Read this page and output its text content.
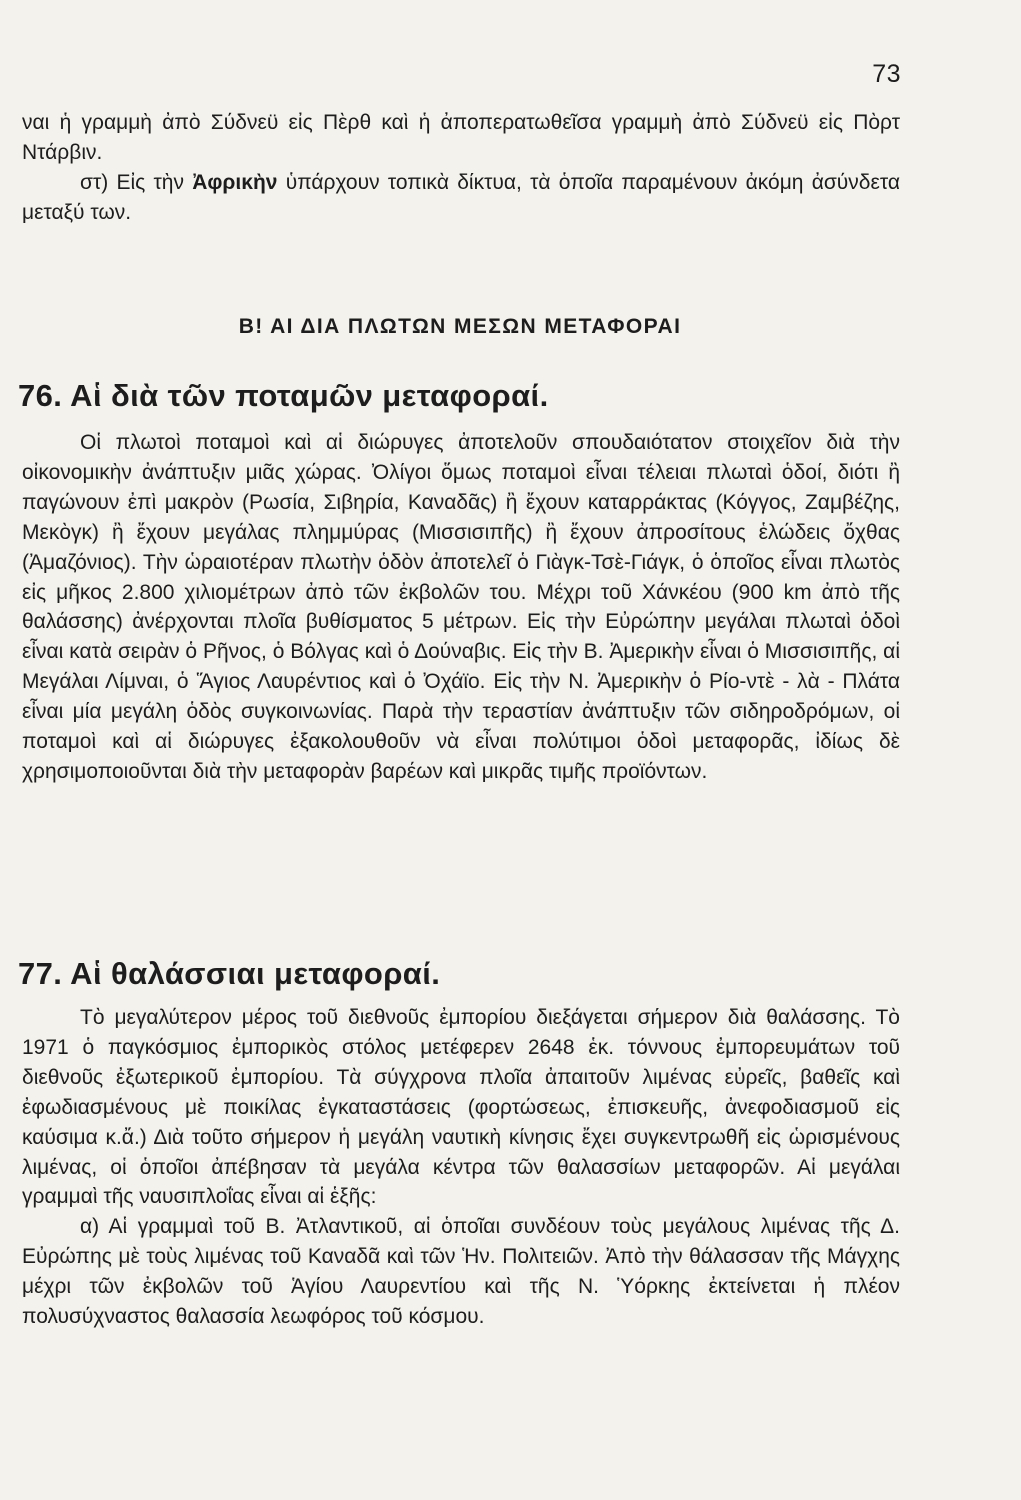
73

ναι ἡ γραμμὴ ἀπὸ Σύδνεϋ εἰς Πὲρθ καὶ ἡ ἀποπερατωθεῖσα γραμμὴ ἀπὸ Σύδνεϋ εἰς Πὸρτ Ντάρβιν.

στ) Εἰς τὴν Ἀφρικὴν ὑπάρχουν τοπικὰ δίκτυα, τὰ ὁποῖα παραμένουν ἀκόμη ἀσύνδετα μεταξύ των.

Β! ΑΙ ΔΙΑ ΠΛΩΤΩΝ ΜΕΣΩΝ ΜΕΤΑΦΟΡΑΙ
76. Αἱ διὰ τῶν ποταμῶν μεταφοραί.

Οἱ πλωτοὶ ποταμοὶ καὶ αἱ διώρυγες ἀποτελοῦν σπουδαιότατον στοιχεῖον διὰ τὴν οἰκονομικὴν ἀνάπτυξιν μιᾶς χώρας. Ὀλίγοι ὅμως ποταμοὶ εἶναι τέλειαι πλωταὶ ὁδοί, διότι ἢ παγώνουν ἐπὶ μακρὸν (Ρωσία, Σιβηρία, Καναδᾶς) ἢ ἔχουν καταρράκτας (Κόγγος, Ζαμβέζης, Μεκὸγκ) ἢ ἔχουν μεγάλας πλημμύρας (Μισσισιπῆς) ἢ ἔχουν ἀπροσίτους ἑλώδεις ὄχθας (Ἀμαζόνιος). Τὴν ὡραιοτέραν πλωτὴν ὁδὸν ἀποτελεῖ ὁ Γιὰγκ-Τσὲ-Γιάγκ, ὁ ὁποῖος εἶναι πλωτὸς εἰς μῆκος 2.800 χιλιομέτρων ἀπὸ τῶν ἐκβολῶν του. Μέχρι τοῦ Χάνκέου (900 km ἀπὸ τῆς θαλάσσης) ἀνέρχονται πλοῖα βυθίσματος 5 μέτρων. Εἰς τὴν Εὐρώπην μεγάλαι πλωταὶ ὁδοὶ εἶναι κατὰ σειρὰν ὁ Ρῆνος, ὁ Βόλγας καὶ ὁ Δούναβις. Εἰς τὴν Β. Ἀμερικὴν εἶναι ὁ Μισσισιπῆς, αἱ Μεγάλαι Λίμναι, ὁ Ἅγιος Λαυρέντιος καὶ ὁ Ὀχάϊο. Εἰς τὴν Ν. Ἀμερικὴν ὁ Ρίο-ντὲ - λὰ - Πλάτα εἶναι μία μεγάλη ὁδὸς συγκοινωνίας. Παρὰ τὴν τεραστίαν ἀνάπτυξιν τῶν σιδηροδρόμων, οἱ ποταμοὶ καὶ αἱ διώρυγες ἐξακολουθοῦν νὰ εἶναι πολύτιμοι ὁδοὶ μεταφορᾶς, ἰδίως δὲ χρησιμοποιοῦνται διὰ τὴν μεταφορὰν βαρέων καὶ μικρᾶς τιμῆς προϊόντων.

77. Αἱ θαλάσσιαι μεταφοραί.

Τὸ μεγαλύτερον μέρος τοῦ διεθνοῦς ἐμπορίου διεξάγεται σήμερον διὰ θαλάσσης. Τὸ 1971 ὁ παγκόσμιος ἐμπορικὸς στόλος μετέφερεν 2648 ἑκ. τόννους ἐμπορευμάτων τοῦ διεθνοῦς ἐξωτερικοῦ ἐμπορίου. Τὰ σύγχρονα πλοῖα ἀπαιτοῦν λιμένας εὐρεῖς, βαθεῖς καὶ ἐφωδιασμένους μὲ ποικίλας ἐγκαταστάσεις (φορτώσεως, ἐπισκευῆς, ἀνεφοδιασμοῦ εἰς καύσιμα κ.ἄ.) Διὰ τοῦτο σήμερον ἡ μεγάλη ναυτικὴ κίνησις ἔχει συγκεντρωθῆ εἰς ὡρισμένους λιμένας, οἱ ὁποῖοι ἀπέβησαν τὰ μεγάλα κέντρα τῶν θαλασσίων μεταφορῶν. Αἱ μεγάλαι γραμμαὶ τῆς ναυσιπλοΐας εἶναι αἱ ἑξῆς:

α) Αἱ γραμμαὶ τοῦ Β. Ἀτλαντικοῦ, αἱ ὁποῖαι συνδέουν τοὺς μεγάλους λιμένας τῆς Δ. Εὐρώπης μὲ τοὺς λιμένας τοῦ Καναδᾶ καὶ τῶν Ἡν. Πολιτειῶν. Ἀπὸ τὴν θάλασσαν τῆς Μάγχης μέχρι τῶν ἐκβολῶν τοῦ Ἁγίου Λαυρεντίου καὶ τῆς Ν. Ὑόρκης ἐκτείνεται ἡ πλέον πολυσύχναστος θαλασσία λεωφόρος τοῦ κόσμου.
